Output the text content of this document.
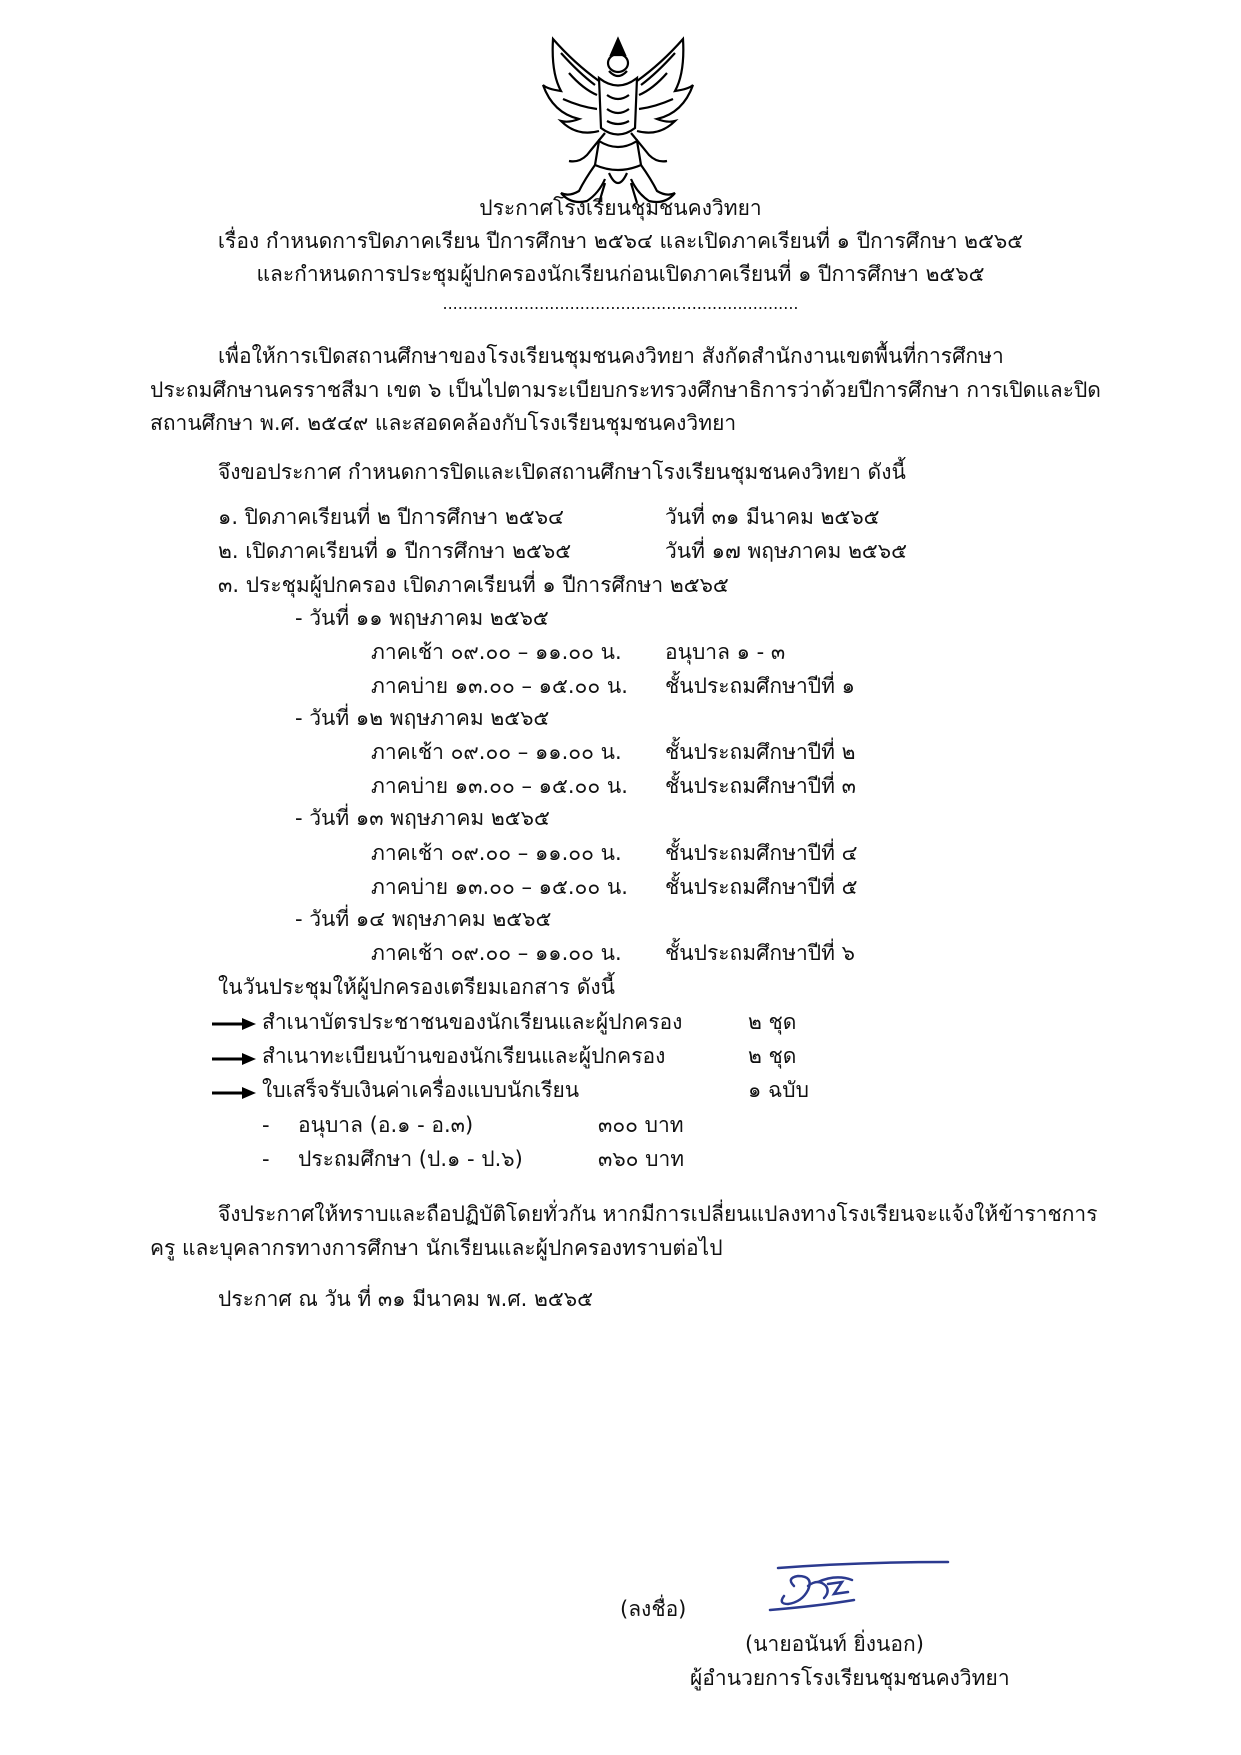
ประกาศโรงเรียนชุมชนคงวิทยา
เรื่อง กำหนดการปิดภาคเรียน ปีการศึกษา ๒๕๖๔ และเปิดภาคเรียนที่ ๑ ปีการศึกษา ๒๕๖๕
และกำหนดการประชุมผู้ปกครองนักเรียนก่อนเปิดภาคเรียนที่ ๑ ปีการศึกษา ๒๕๖๕
......................................................................
เพื่อให้การเปิดสถานศึกษาของโรงเรียนชุมชนคงวิทยา สังกัดสำนักงานเขตพื้นที่การศึกษา
ประถมศึกษานครราชสีมา เขต ๖ เป็นไปตามระเบียบกระทรวงศึกษาธิการว่าด้วยปีการศึกษา การเปิดและปิด
สถานศึกษา พ.ศ. ๒๕๔๙ และสอดคล้องกับโรงเรียนชุมชนคงวิทยา
จึงขอประกาศ กำหนดการปิดและเปิดสถานศึกษาโรงเรียนชุมชนคงวิทยา ดังนี้
๑. ปิดภาคเรียนที่ ๒ ปีการศึกษา ๒๕๖๔	วันที่ ๓๑ มีนาคม ๒๕๖๕
๒. เปิดภาคเรียนที่ ๑ ปีการศึกษา ๒๕๖๕	วันที่ ๑๗ พฤษภาคม ๒๕๖๕
๓. ประชุมผู้ปกครอง เปิดภาคเรียนที่ ๑ ปีการศึกษา ๒๕๖๕
- วันที่ ๑๑ พฤษภาคม ๒๕๖๕
ภาคเช้า ๐๙.๐๐ – ๑๑.๐๐ น. อนุบาล ๑ - ๓
ภาคบ่าย ๑๓.๐๐ – ๑๕.๐๐ น. ชั้นประถมศึกษาปีที่ ๑
- วันที่ ๑๒ พฤษภาคม ๒๕๖๕
ภาคเช้า ๐๙.๐๐ – ๑๑.๐๐ น. ชั้นประถมศึกษาปีที่ ๒
ภาคบ่าย ๑๓.๐๐ – ๑๕.๐๐ น. ชั้นประถมศึกษาปีที่ ๓
- วันที่ ๑๓ พฤษภาคม ๒๕๖๕
ภาคเช้า ๐๙.๐๐ – ๑๑.๐๐ น. ชั้นประถมศึกษาปีที่ ๔
ภาคบ่าย ๑๓.๐๐ – ๑๕.๐๐ น. ชั้นประถมศึกษาปีที่ ๕
- วันที่ ๑๔ พฤษภาคม ๒๕๖๕
ภาคเช้า ๐๙.๐๐ – ๑๑.๐๐ น. ชั้นประถมศึกษาปีที่ ๖
ในวันประชุมให้ผู้ปกครองเตรียมเอกสาร ดังนี้
สำเนาบัตรประชาชนของนักเรียนและผู้ปกครอง	๒ ชุด
สำเนาทะเบียนบ้านของนักเรียนและผู้ปกครอง	๒ ชุด
ใบเสร็จรับเงินค่าเครื่องแบบนักเรียน	๑ ฉบับ
- อนุบาล (อ.๑ - อ.๓)	๓๐๐ บาท
- ประถมศึกษา (ป.๑ - ป.๖)	๓๖๐ บาท
จึงประกาศให้ทราบและถือปฏิบัติโดยทั่วกัน หากมีการเปลี่ยนแปลงทางโรงเรียนจะแจ้งให้ข้าราชการ
ครู และบุคลากรทางการศึกษา นักเรียนและผู้ปกครองทราบต่อไป
ประกาศ ณ วัน ที่ ๓๑ มีนาคม พ.ศ. ๒๕๖๕
(ลงชื่อ)
(นายอนันท์ ยิ่งนอก)
ผู้อำนวยการโรงเรียนชุมชนคงวิทยา
